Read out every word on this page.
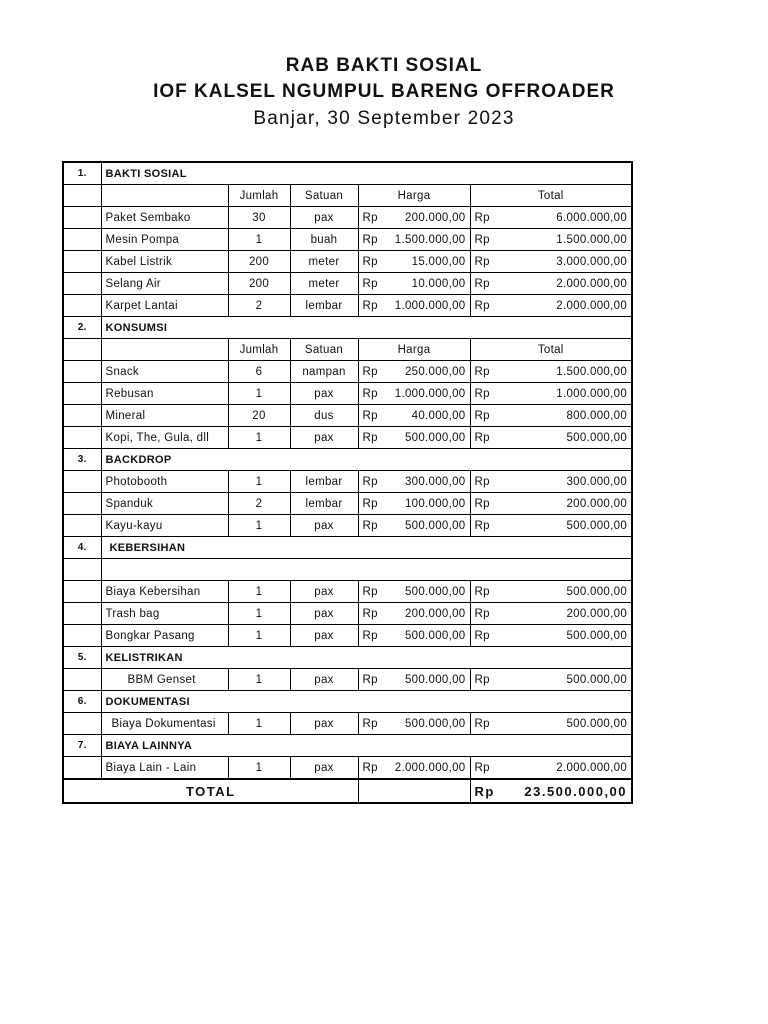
RAB BAKTI SOSIAL
IOF KALSEL NGUMPUL BARENG OFFROADER
Banjar, 30 September 2023
1.	BAKTI SOSIAL				
		Jumlah	Satuan	Harga	Total
	Paket Sembako	30	pax	Rp 200.000,00	Rp 6.000.000,00

	Mesin Pompa	1	buah	Rp 1.500.000,00	Rp 1.500.000,00

	Kabel Listrik	200	meter	Rp 15.000,00	Rp 3.000.000,00

	Selang Air	200	meter	Rp 10.000,00	Rp 2.000.000,00

	Karpet Lantai	2	lembar	Rp 1.000.000,00	Rp 2.000.000,00

2.	KONSUMSI				
		Jumlah	Satuan	Harga	Total
	Snack	6	nampan	Rp 250.000,00	Rp 1.500.000,00

	Rebusan	1	pax	Rp 1.000.000,00	Rp 1.000.000,00

	Mineral	20	dus	Rp 40.000,00	Rp 800.000,00

	Kopi, The, Gula, dll	1	pax	Rp 500.000,00	Rp 500.000,00

3.	BACKDROP				
	Photobooth	1	lembar	Rp 300.000,00	Rp 300.000,00

	Spanduk	2	lembar	Rp 100.000,00	Rp 200.000,00

	Kayu-kayu	1	pax	Rp 500.000,00	Rp 500.000,00

4.	KEBERSIHAN				

	Biaya Kebersihan	1	pax	Rp 500.000,00	Rp 500.000,00

	Trash bag	1	pax	Rp 200.000,00	Rp 200.000,00

	Bongkar Pasang	1	pax	Rp 500.000,00	Rp 500.000,00

5.	KELISTRIKAN				
	BBM Genset	1	pax	Rp 500.000,00	Rp 500.000,00

6.	DOKUMENTASI				
	Biaya Dokumentasi	1	pax	Rp 500.000,00	Rp 500.000,00

7.	BIAYA LAINNYA				
	Biaya Lain - Lain	1	pax	Rp 2.000.000,00	Rp 2.000.000,00

TOTAL					Rp 23.500.000,00
